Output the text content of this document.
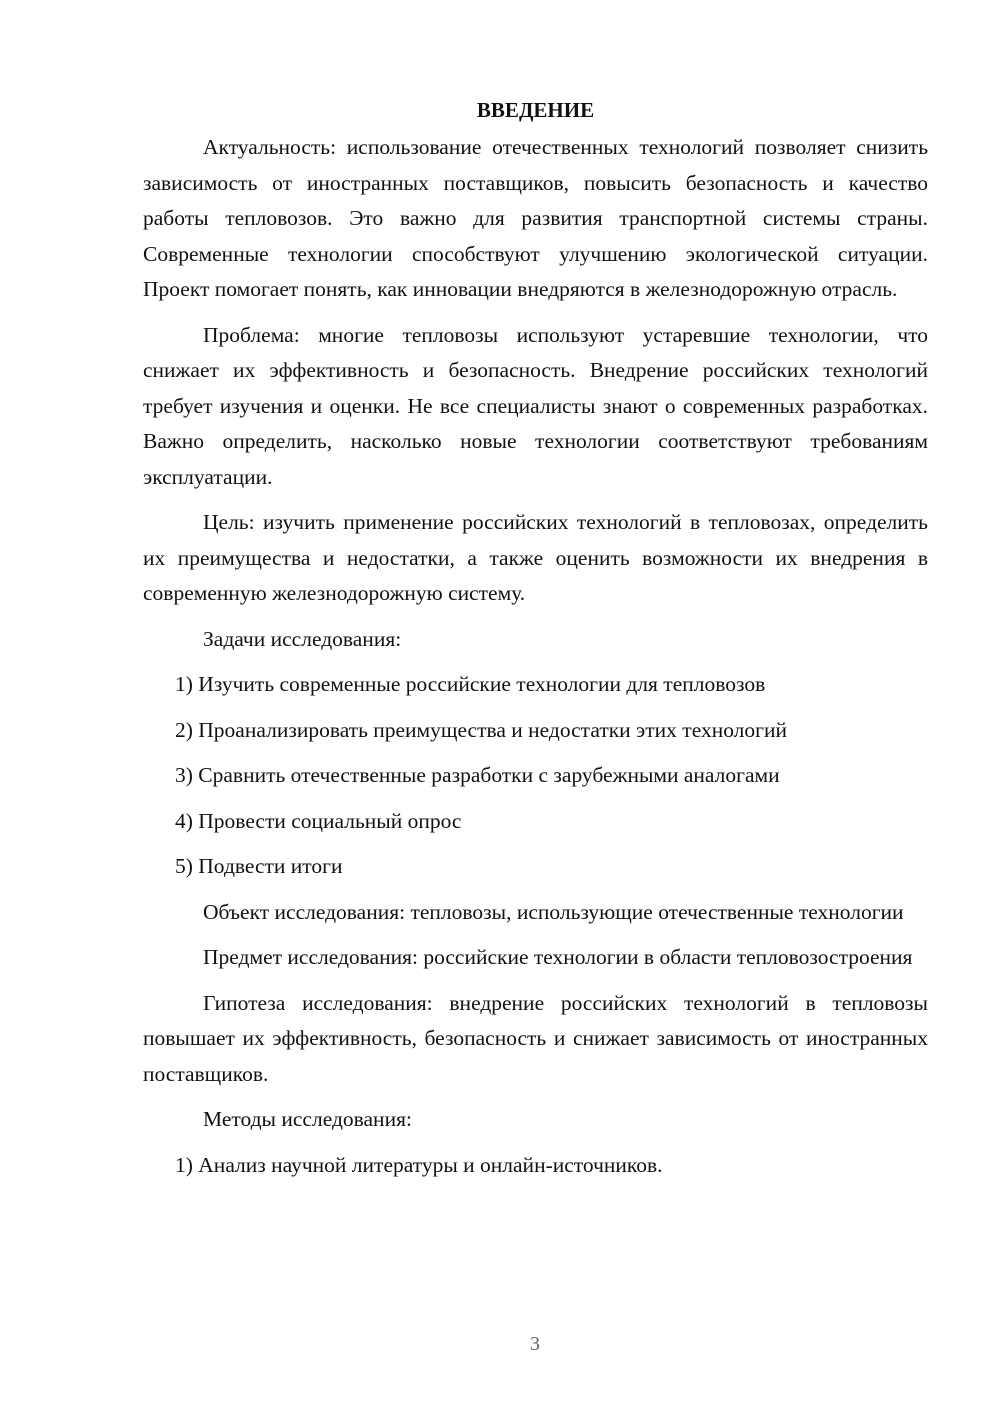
ВВЕДЕНИЕ

Актуальность: использование отечественных технологий позволяет снизить зависимость от иностранных поставщиков, повысить безопасность и качество работы тепловозов. Это важно для развития транспортной системы страны. Современные технологии способствуют улучшению экологической ситуации. Проект помогает понять, как инновации внедряются в железнодорожную отрасль.

Проблема: многие тепловозы используют устаревшие технологии, что снижает их эффективность и безопасность. Внедрение российских технологий требует изучения и оценки. Не все специалисты знают о современных разработках. Важно определить, насколько новые технологии соответствуют требованиям эксплуатации.

Цель: изучить применение российских технологий в тепловозах, определить их преимущества и недостатки, а также оценить возможности их внедрения в современную железнодорожную систему.

Задачи исследования:

1) Изучить современные российские технологии для тепловозов
2) Проанализировать преимущества и недостатки этих технологий
3) Сравнить отечественные разработки с зарубежными аналогами
4) Провести социальный опрос
5) Подвести итоги

Объект исследования: тепловозы, использующие отечественные технологии

Предмет исследования: российские технологии в области тепловозостроения

Гипотеза исследования: внедрение российских технологий в тепловозы повышает их эффективность, безопасность и снижает зависимость от иностранных поставщиков.

Методы исследования:

1) Анализ научной литературы и онлайн-источников.
3
